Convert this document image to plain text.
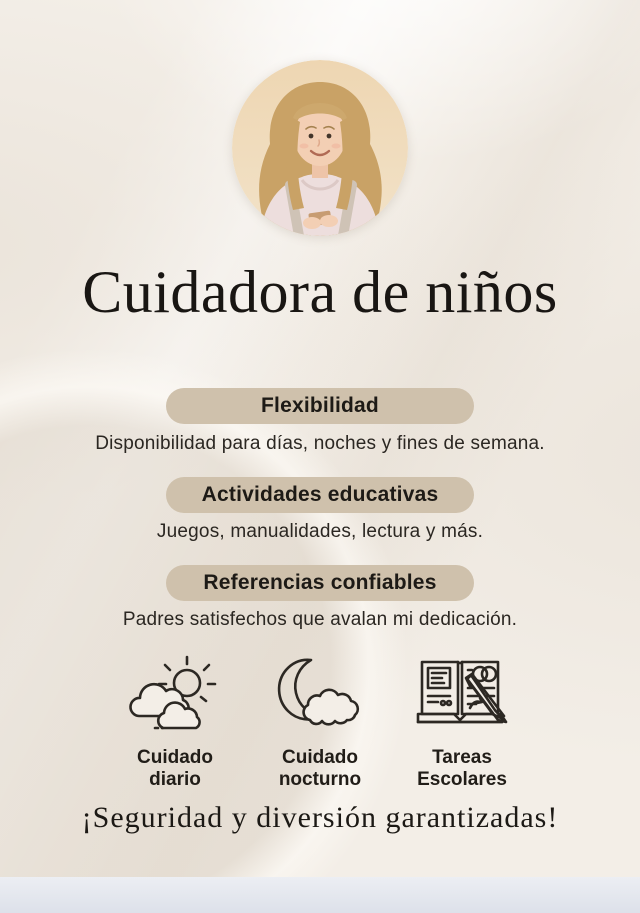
Cuidadora de niños
Flexibilidad
Disponibilidad para días, noches y fines de semana.
Actividades educativas
Juegos, manualidades, lectura y más.
Referencias confiables
Padres satisfechos que avalan mi dedicación.
Cuidado diario
Cuidado nocturno
Tareas Escolares
¡Seguridad y diversión garantizadas!
